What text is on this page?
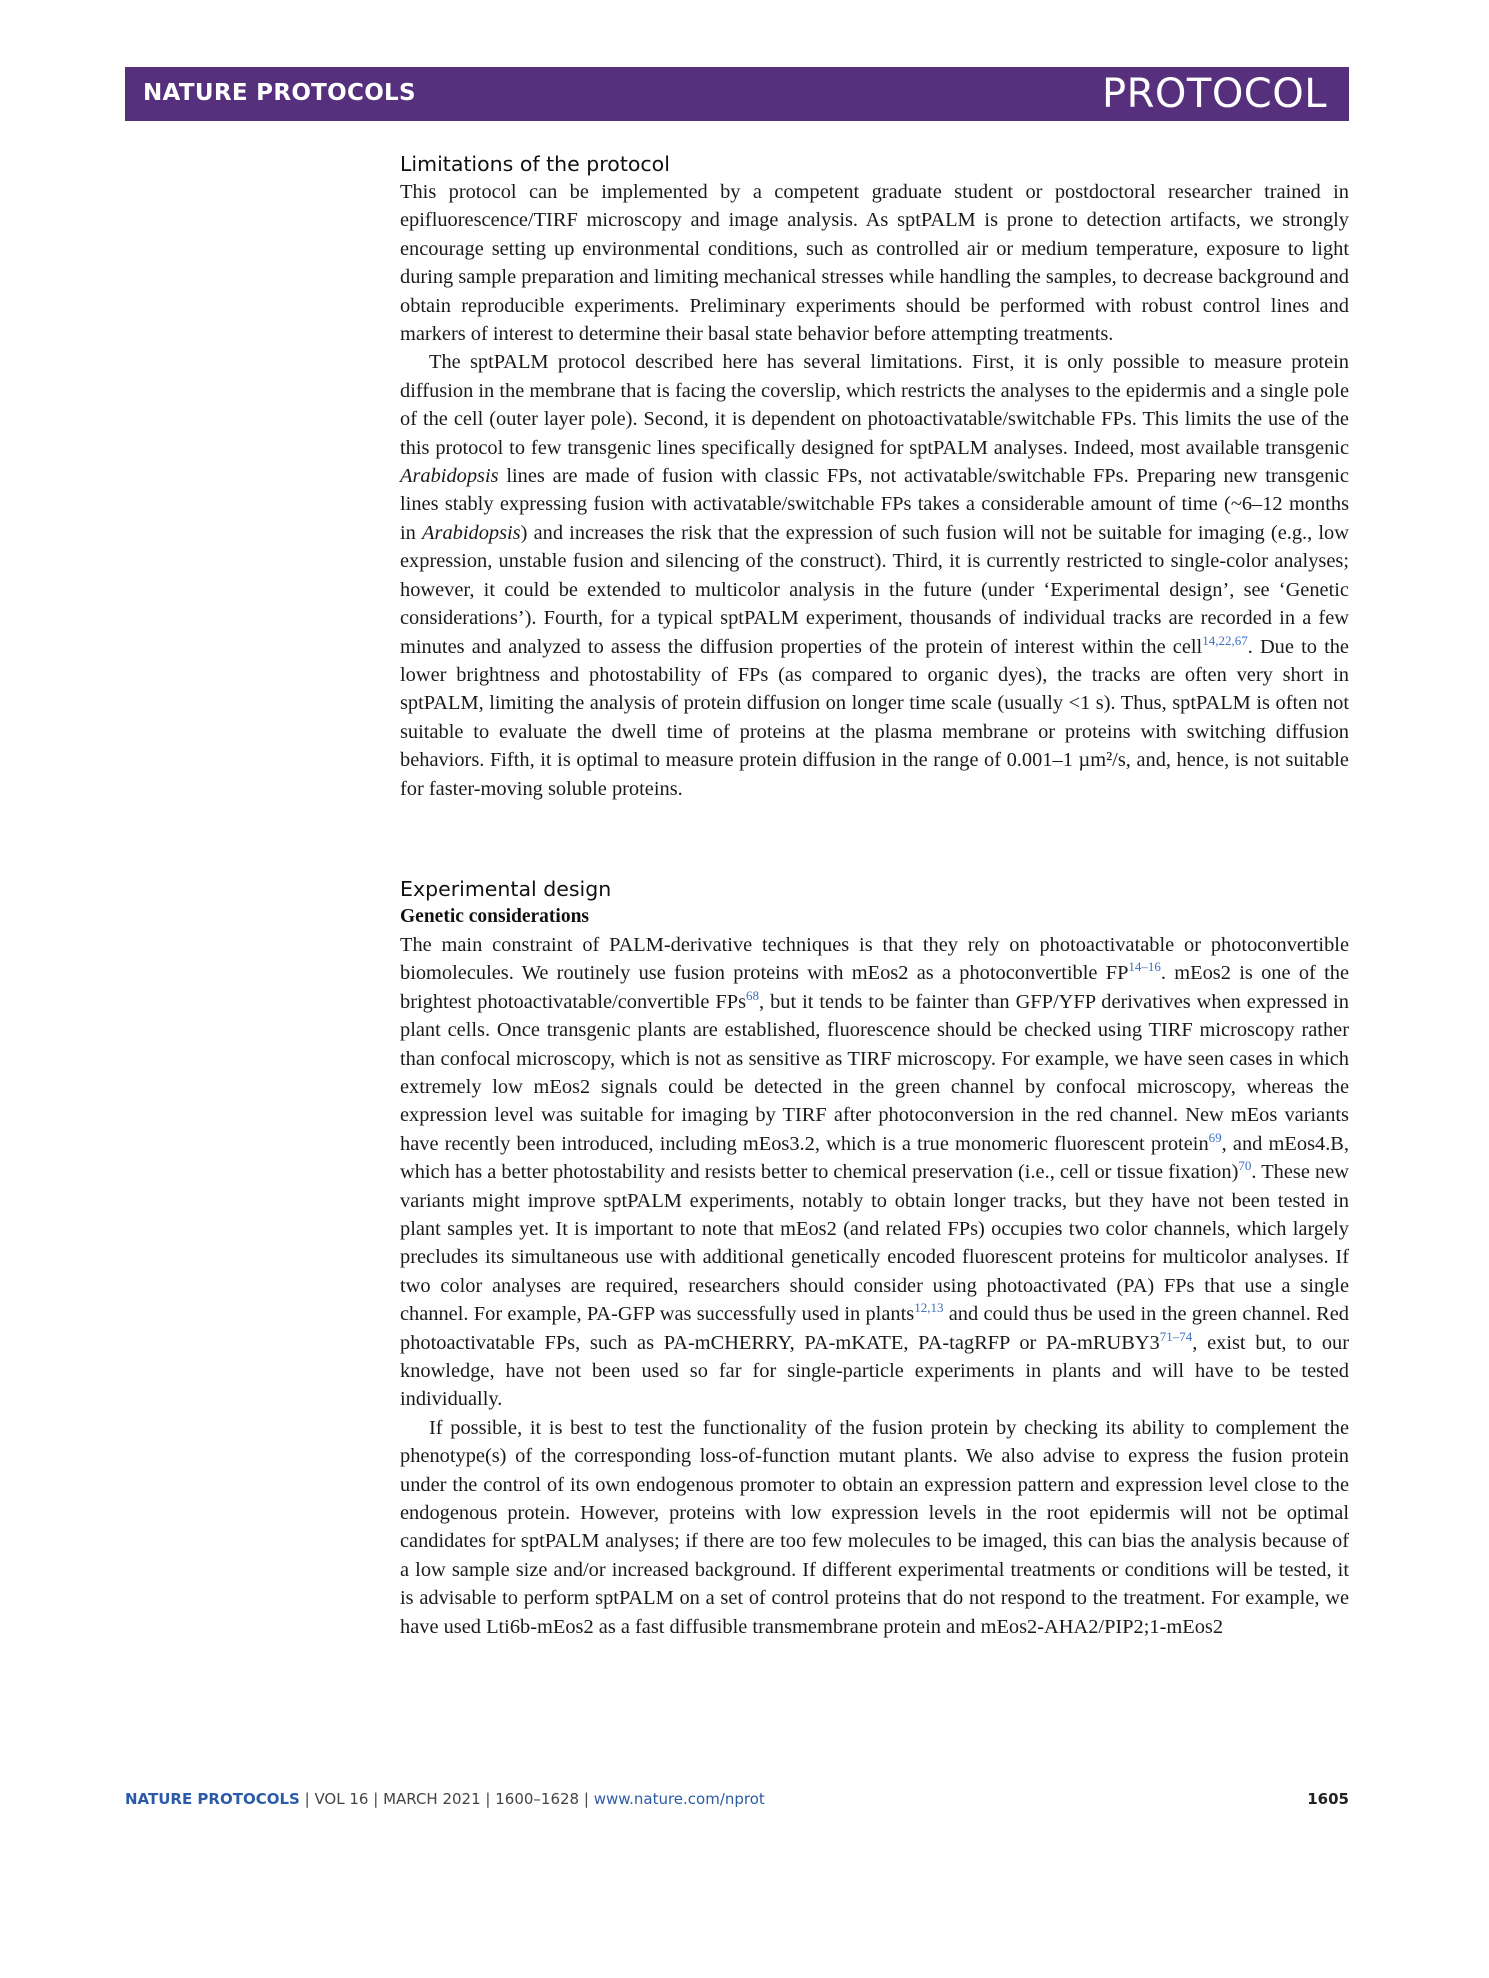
NATURE PROTOCOLS	PROTOCOL
Limitations of the protocol

This protocol can be implemented by a competent graduate student or postdoctoral researcher trained in epifluorescence/TIRF microscopy and image analysis. As sptPALM is prone to detection artifacts, we strongly encourage setting up environmental conditions, such as controlled air or medium temperature, exposure to light during sample preparation and limiting mechanical stresses while handling the samples, to decrease background and obtain reproducible experiments. Preliminary experiments should be performed with robust control lines and markers of interest to determine their basal state behavior before attempting treatments.

The sptPALM protocol described here has several limitations. First, it is only possible to measure protein diffusion in the membrane that is facing the coverslip, which restricts the analyses to the epidermis and a single pole of the cell (outer layer pole). Second, it is dependent on photoactivatable/​switchable FPs. This limits the use of the this protocol to few transgenic lines specifically designed for sptPALM analyses. Indeed, most available transgenic Arabidopsis lines are made of fusion with classic FPs, not activatable/switchable FPs. Preparing new transgenic lines stably expressing fusion with activatable/switchable FPs takes a considerable amount of time (~6–12 months in Arabidopsis) and increases the risk that the expression of such fusion will not be suitable for imaging (e.g., low expression, unstable fusion and silencing of the construct). Third, it is currently restricted to single-color analyses; however, it could be extended to multicolor analysis in the future (under ‘Experimental design’, see ‘Genetic considerations’). Fourth, for a typical sptPALM experiment, thousands of individual tracks are recorded in a few minutes and analyzed to assess the diffusion properties of the protein of interest within the cell$^{14,22,67}$. Due to the lower brightness and photostability of FPs (as compared to organic dyes), the tracks are often very short in sptPALM, limiting the analysis of protein diffusion on longer time scale (usually <1 s). Thus, sptPALM is often not suitable to evaluate the dwell time of proteins at the plasma membrane or proteins with switching diffusion behaviors. Fifth, it is optimal to measure protein diffusion in the range of 0.001–1 µm²/s, and, hence, is not suitable for faster-moving soluble proteins.

Experimental design
Genetic considerations

The main constraint of PALM-derivative techniques is that they rely on photoactivatable or photoconvertible biomolecules. We routinely use fusion proteins with mEos2 as a photoconvertible FP$^{14-16}$. mEos2 is one of the brightest photoactivatable/convertible FPs$^{68}$, but it tends to be fainter than GFP/YFP derivatives when expressed in plant cells. Once transgenic plants are established, fluorescence should be checked using TIRF microscopy rather than confocal microscopy, which is not as sensitive as TIRF microscopy. For example, we have seen cases in which extremely low mEos2 signals could be detected in the green channel by confocal microscopy, whereas the expression level was suitable for imaging by TIRF after photoconversion in the red channel. New mEos variants have recently been introduced, including mEos3.2, which is a true monomeric fluorescent protein$^{69}$, and mEos4.B, which has a better photostability and resists better to chemical preservation (i.e., cell or tissue fixation)$^{70}$. These new variants might improve sptPALM experiments, notably to obtain longer tracks, but they have not been tested in plant samples yet. It is important to note that mEos2 (and related FPs) occupies two color channels, which largely precludes its simultaneous use with additional genetically encoded fluorescent proteins for multicolor analyses. If two color analyses are required, researchers should consider using photoactivated (PA) FPs that use a single channel. For example, PA-GFP was successfully used in plants$^{12,13}$ and could thus be used in the green channel. Red photoactivatable FPs, such as PA-mCHERRY, PA-mKATE, PA-tagRFP or PA-mRUBY3$^{71-74}$, exist but, to our knowledge, have not been used so far for single-particle experiments in plants and will have to be tested individually.

If possible, it is best to test the functionality of the fusion protein by checking its ability to complement the phenotype(s) of the corresponding loss-of-function mutant plants. We also advise to express the fusion protein under the control of its own endogenous promoter to obtain an expression pattern and expression level close to the endogenous protein. However, proteins with low expression levels in the root epidermis will not be optimal candidates for sptPALM analyses; if there are too few molecules to be imaged, this can bias the analysis because of a low sample size and/or increased background. If different experimental treatments or conditions will be tested, it is advisable to perform sptPALM on a set of control proteins that do not respond to the treatment. For example, we have used Lti6b-mEos2 as a fast diffusible transmembrane protein and mEos2-AHA2/PIP2;1-mEos2

NATURE PROTOCOLS | VOL 16 | MARCH 2021 | 1600–1628 | www.nature.com/nprot	1605
